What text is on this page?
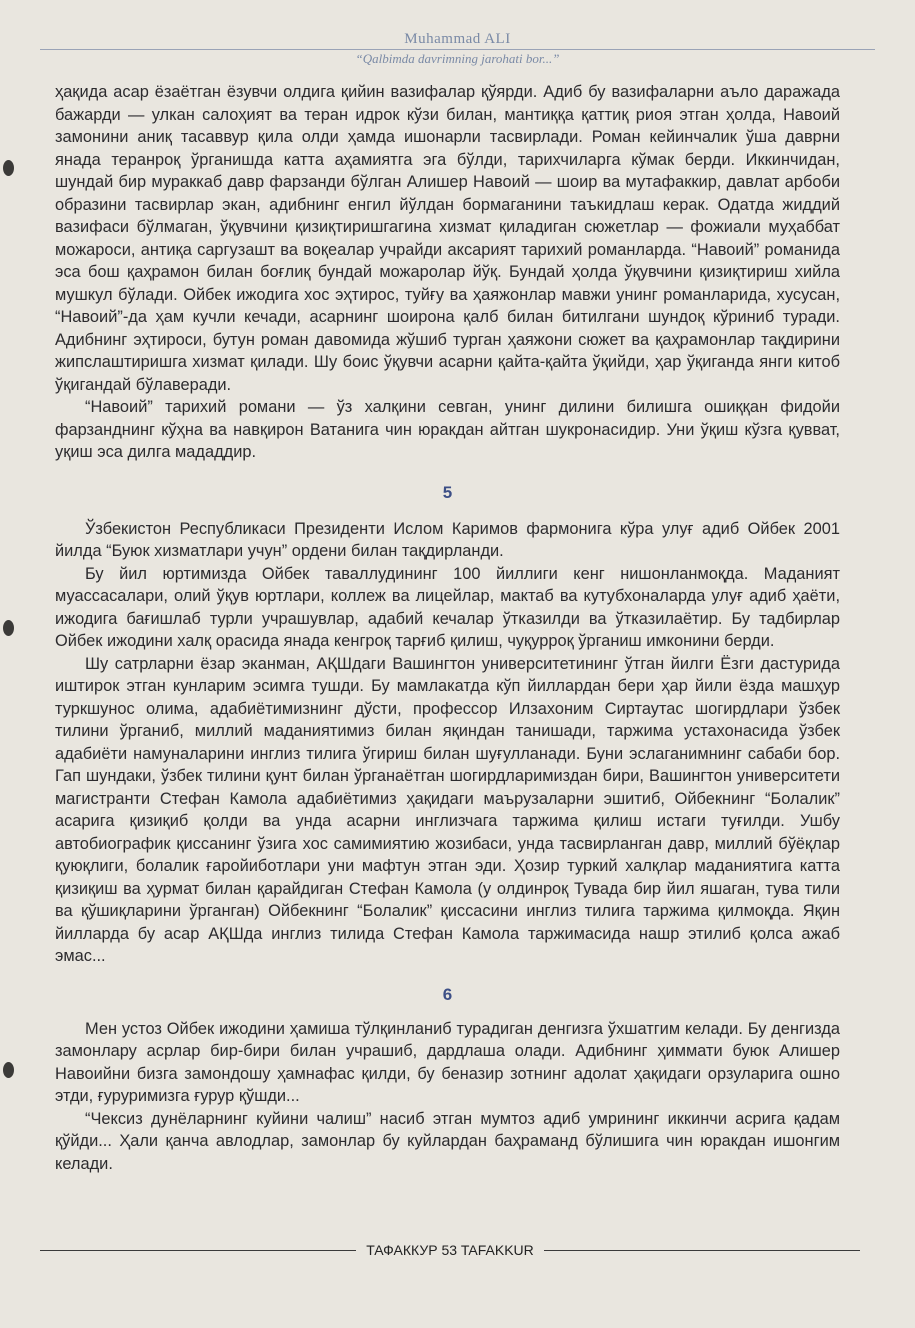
Muhammad ALI
“Qalbimda davrimning jarohati bor...”

ҳақида асар ёзаётган ёзувчи олдига қийин вазифалар қўярди. Адиб бу вазифаларни аъло даражада бажарди — улкан салоҳият ва теран идрок кўзи билан, мантиққа қаттиқ риоя этган ҳолда, Навоий замонини аниқ тасаввур қила олди ҳамда ишонарли тасвирлади. Роман кейинчалик ўша даврни янада теранроқ ўрганишда катта аҳамиятга эга бўлди, тарихчиларга кўмак берди. Иккинчидан, шундай бир мураккаб давр фарзанди бўлган Алишер Навоий — шоир ва мутафаккир, давлат арбоби образини тасвирлар экан, адибнинг енгил йўлдан бормаганини таъкидлаш керак. Одатда жиддий вазифаси бўлмаган, ўқувчини қизиқтиришгагина хизмат қиладиган сюжетлар — фожиали муҳаббат можароси, антиқа саргузашт ва воқеалар учрайди аксарият тарихий романларда. “Навоий” романида эса бош қаҳрамон билан боғлиқ бундай можаролар йўқ. Бундай ҳолда ўқувчини қизиқтириш хийла мушкул бўлади. Ойбек ижодига хос эҳтирос, туйғу ва ҳаяжонлар мавжи унинг романларида, хусусан, “Навоий”-да ҳам кучли кечади, асарнинг шоирона қалб билан битилгани шундоқ кўриниб туради. Адибнинг эҳтироси, бутун роман давомида жўшиб турган ҳаяжони сюжет ва қаҳрамонлар тақдирини жипслаштиришга хизмат қилади. Шу боис ўқувчи асарни қайта-қайта ўқийди, ҳар ўқиганда янги китоб ўқигандай бўлаверади.

“Навоий” тарихий романи — ўз халқини севган, унинг дилини билишга ошиққан фидойи фарзанднинг кўҳна ва навқирон Ватанига чин юракдан айтган шукронасидир. Уни ўқиш кўзга қувват, уқиш эса дилга мададдир.

5

Ўзбекистон Республикаси Президенти Ислом Каримов фармонига кўра улуғ адиб Ойбек 2001 йилда “Буюк хизматлари учун” ордени билан тақдирланди.

Бу йил юртимизда Ойбек таваллудининг 100 йиллиги кенг нишонланмоқда. Маданият муассасалари, олий ўқув юртлари, коллеж ва лицейлар, мактаб ва кутубхоналарда улуғ адиб ҳаёти, ижодига бағишлаб турли учрашувлар, адабий кечалар ўтказилди ва ўтказилаётир. Бу тадбирлар Ойбек ижодини халқ орасида янада кенгроқ тарғиб қилиш, чуқурроқ ўрганиш имконини берди.

Шу сатрларни ёзар эканман, АҚШдаги Вашингтон университетининг ўтган йилги Ёзги дастурида иштирок этган кунларим эсимга тушди. Бу мамлакатда кўп йиллардан бери ҳар йили ёзда машҳур туркшунос олима, адабиётимизнинг дўсти, профессор Илзахоним Сиртаутас шогирдлари ўзбек тилини ўрганиб, миллий маданиятимиз билан яқиндан танишади, таржима устахонасида ўзбек адабиёти намуналарини инглиз тилига ўгириш билан шуғулланади. Буни эслаганимнинг сабаби бор. Гап шундаки, ўзбек тилини қунт билан ўрганаётган шогирдларимиздан бири, Вашингтон университети магистранти Стефан Камола адабиётимиз ҳақидаги маърузаларни эшитиб, Ойбекнинг “Болалик” асарига қизиқиб қолди ва унда асарни инглизчага таржима қилиш истаги туғилди. Ушбу автобиографик қиссанинг ўзига хос самимиятию жозибаси, унда тасвирланган давр, миллий бўёқлар қуюқлиги, болалик ғаройиботлари уни мафтун этган эди. Ҳозир туркий халқлар маданиятига катта қизиқиш ва ҳурмат билан қарайдиган Стефан Камола (у олдинроқ Тувада бир йил яшаган, тува тили ва қўшиқларини ўрганган) Ойбекнинг “Болалик” қиссасини инглиз тилига таржима қилмоқда. Яқин йилларда бу асар АҚШда инглиз тилида Стефан Камола таржимасида нашр этилиб қолса ажаб эмас...

6

Мен устоз Ойбек ижодини ҳамиша тўлқинланиб турадиган денгизга ўхшатгим келади. Бу денгизда замонлару асрлар бир-бири билан учрашиб, дардлаша олади. Адибнинг ҳиммати буюк Алишер Навоийни бизга замондошу ҳамнафас қилди, бу беназир зотнинг адолат ҳақидаги орзуларига ошно этди, ғуруримизга ғурур қўшди...

“Чексиз дунёларнинг куйини чалиш” насиб этган мумтоз адиб умрининг иккинчи асрига қадам қўйди... Ҳали қанча авлодлар, замонлар бу куйлардан баҳраманд бўлишига чин юракдан ишонгим келади.

ТАФАККУР 53 TAFAKKUR
